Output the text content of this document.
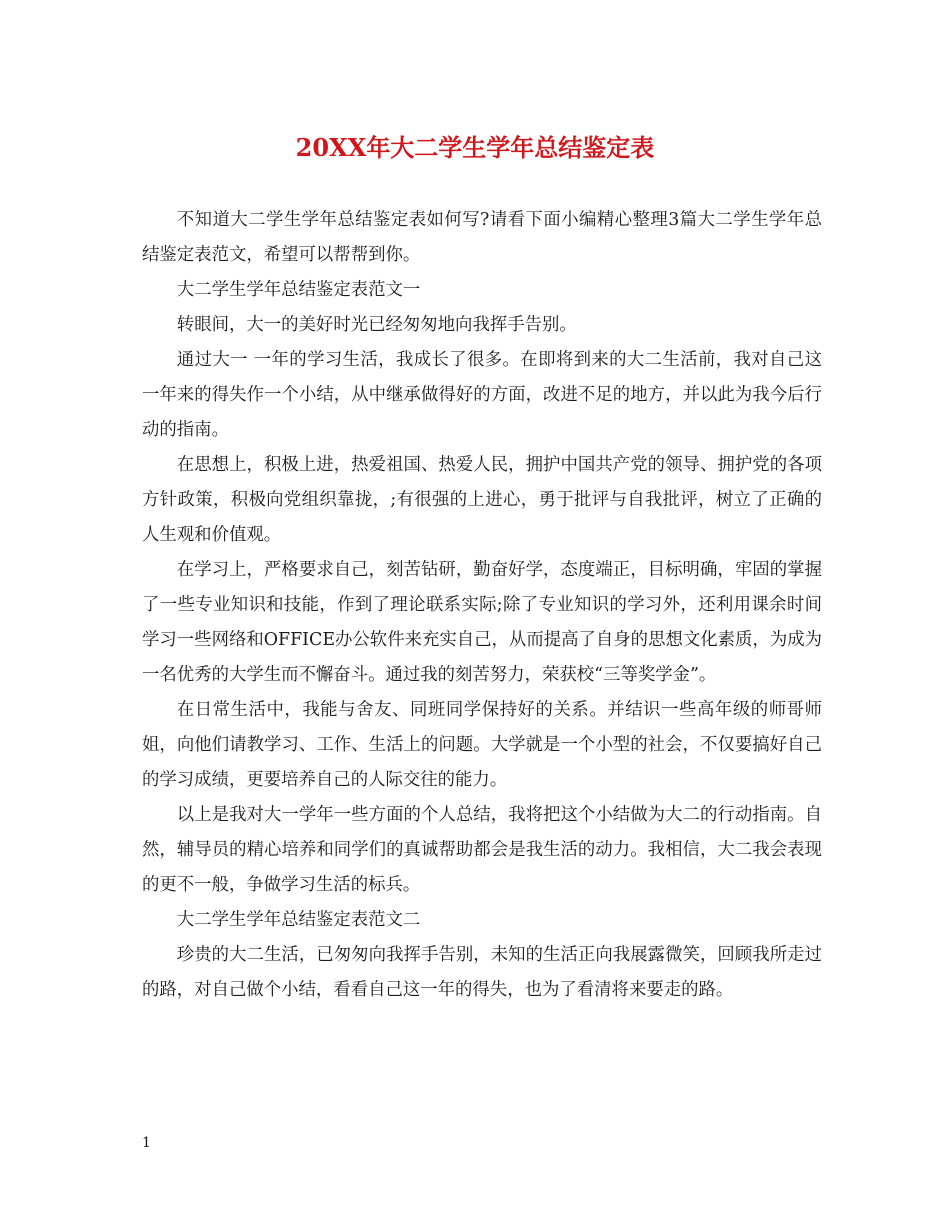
20XX年大二学生学年总结鉴定表

不知道大二学生学年总结鉴定表如何写?请看下面小编精心整理3篇大二学生学年总结鉴定表范文，希望可以帮帮到你。

大二学生学年总结鉴定表范文一

转眼间，大一的美好时光已经匆匆地向我挥手告别。

通过大一 一年的学习生活，我成长了很多。在即将到来的大二生活前，我对自己这一年来的得失作一个小结，从中继承做得好的方面，改进不足的地方，并以此为我今后行动的指南。

在思想上，积极上进，热爱祖国、热爱人民，拥护中国共产党的领导、拥护党的各项方针政策，积极向党组织靠拢，;有很强的上进心，勇于批评与自我批评，树立了正确的人生观和价值观。

在学习上，严格要求自己，刻苦钻研，勤奋好学，态度端正，目标明确，牢固的掌握了一些专业知识和技能，作到了理论联系实际;除了专业知识的学习外，还利用课余时间学习一些网络和OFFICE办公软件来充实自己，从而提高了自身的思想文化素质，为成为一名优秀的大学生而不懈奋斗。通过我的刻苦努力，荣获校“三等奖学金”。

在日常生活中，我能与舍友、同班同学保持好的关系。并结识一些高年级的师哥师姐，向他们请教学习、工作、生活上的问题。大学就是一个小型的社会，不仅要搞好自己的学习成绩，更要培养自己的人际交往的能力。

以上是我对大一学年一些方面的个人总结，我将把这个小结做为大二的行动指南。自然，辅导员的精心培养和同学们的真诚帮助都会是我生活的动力。我相信，大二我会表现的更不一般，争做学习生活的标兵。

大二学生学年总结鉴定表范文二

珍贵的大二生活，已匆匆向我挥手告别，未知的生活正向我展露微笑，回顾我所走过的路，对自己做个小结，看看自己这一年的得失，也为了看清将来要走的路。

1
